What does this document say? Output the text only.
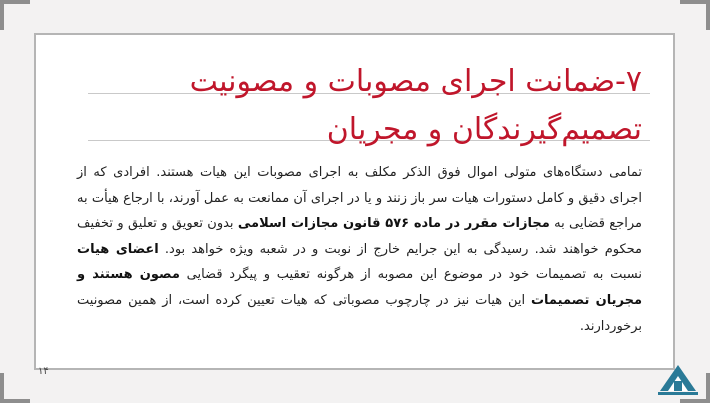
۷-ضمانت اجرای مصوبات و مصونیت
تصمیم‌گیرندگان و مجریان
تمامی دستگاه‌های متولی اموال فوق الذکر مکلف به اجرای مصوبات این هیات هستند. افرادی که از اجرای دقیق و کامل دستورات هیات سر باز زنند و یا در اجرای آن ممانعت به عمل آورند، با ارجاع هیأت به مراجع قضایی به مجازات مقرر در ماده ۵۷۶ قانون مجازات اسلامی بدون تعویق و تعلیق و تخفیف محکوم خواهند شد. رسیدگی به این جرایم خارج از نوبت و در شعبه ویژه خواهد بود. اعضای هیات نسبت به تصمیمات خود در موضوع این مصوبه از هرگونه تعقیب و پیگرد قضایی مصون هستند و مجریان تصمیمات این هیات نیز در چارچوب مصوباتی که هیات تعیین کرده است، از همین مصونیت برخوردارند.
۱۴
